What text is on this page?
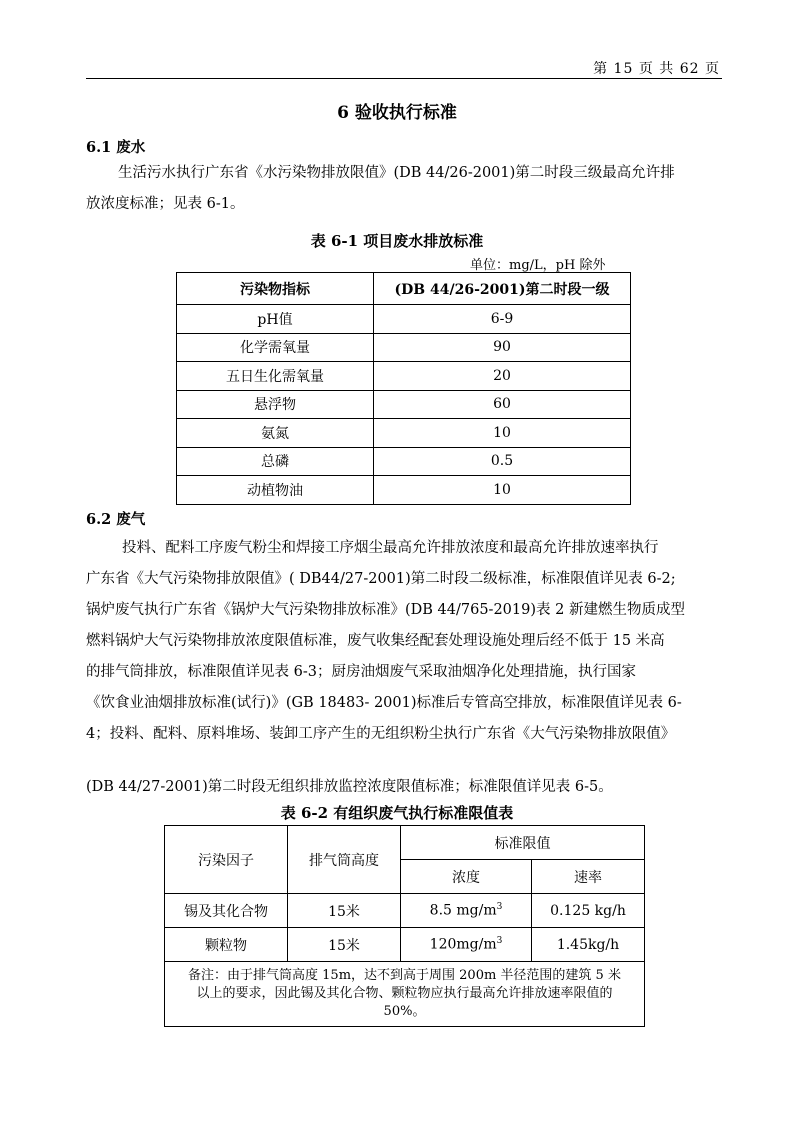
第 15 页 共 62 页
6 验收执行标准
6.1 废水

生活污水执行广东省《水污染物排放限值》(DB 44/26-2001)第二时段三级最高允许排

放浓度标准；见表 6-1。

表 6-1 项目废水排放标准
单位：mg/L，pH 除外
污染物指标	(DB 44/26-2001)第二时段一级
pH值	6-9
化学需氧量	90
五日生化需氧量	20
悬浮物	60
氨氮	10
总磷	0.5
动植物油	10
6.2 废气

投料、配料工序废气粉尘和焊接工序烟尘最高允许排放浓度和最高允许排放速率执行

广东省《大气污染物排放限值》( DB44/27-2001)第二时段二级标准，标准限值详见表 6-2;

锅炉废气执行广东省《锅炉大气污染物排放标准》(DB 44/765-2019)表 2 新建燃生物质成型

燃料锅炉大气污染物排放浓度限值标准，废气收集经配套处理设施处理后经不低于 15 米高

的排气筒排放，标准限值详见表 6-3；厨房油烟废气采取油烟净化处理措施，执行国家

《饮食业油烟排放标准(试行)》(GB 18483- 2001)标准后专管高空排放，标准限值详见表 6-

4；投料、配料、原料堆场、装卸工序产生的无组织粉尘执行广东省《大气污染物排放限值》

(DB 44/27-2001)第二时段无组织排放监控浓度限值标准；标准限值详见表 6-5。
表 6-2 有组织废气执行标准限值表
污染因子	排气筒高度	标准限值	
		浓度	速率
锡及其化合物	15米	8.5 $mg/m^3$	0.125 kg/h
颗粒物	15米	$120mg/m^3$	1.45kg/h
备注：由于排气筒高度 15m，达不到高于周围 200m 半径范围的建筑 5 米以上的要求，因此锡及其化合物、颗粒物应执行最高允许排放速率限值的 50%。			
